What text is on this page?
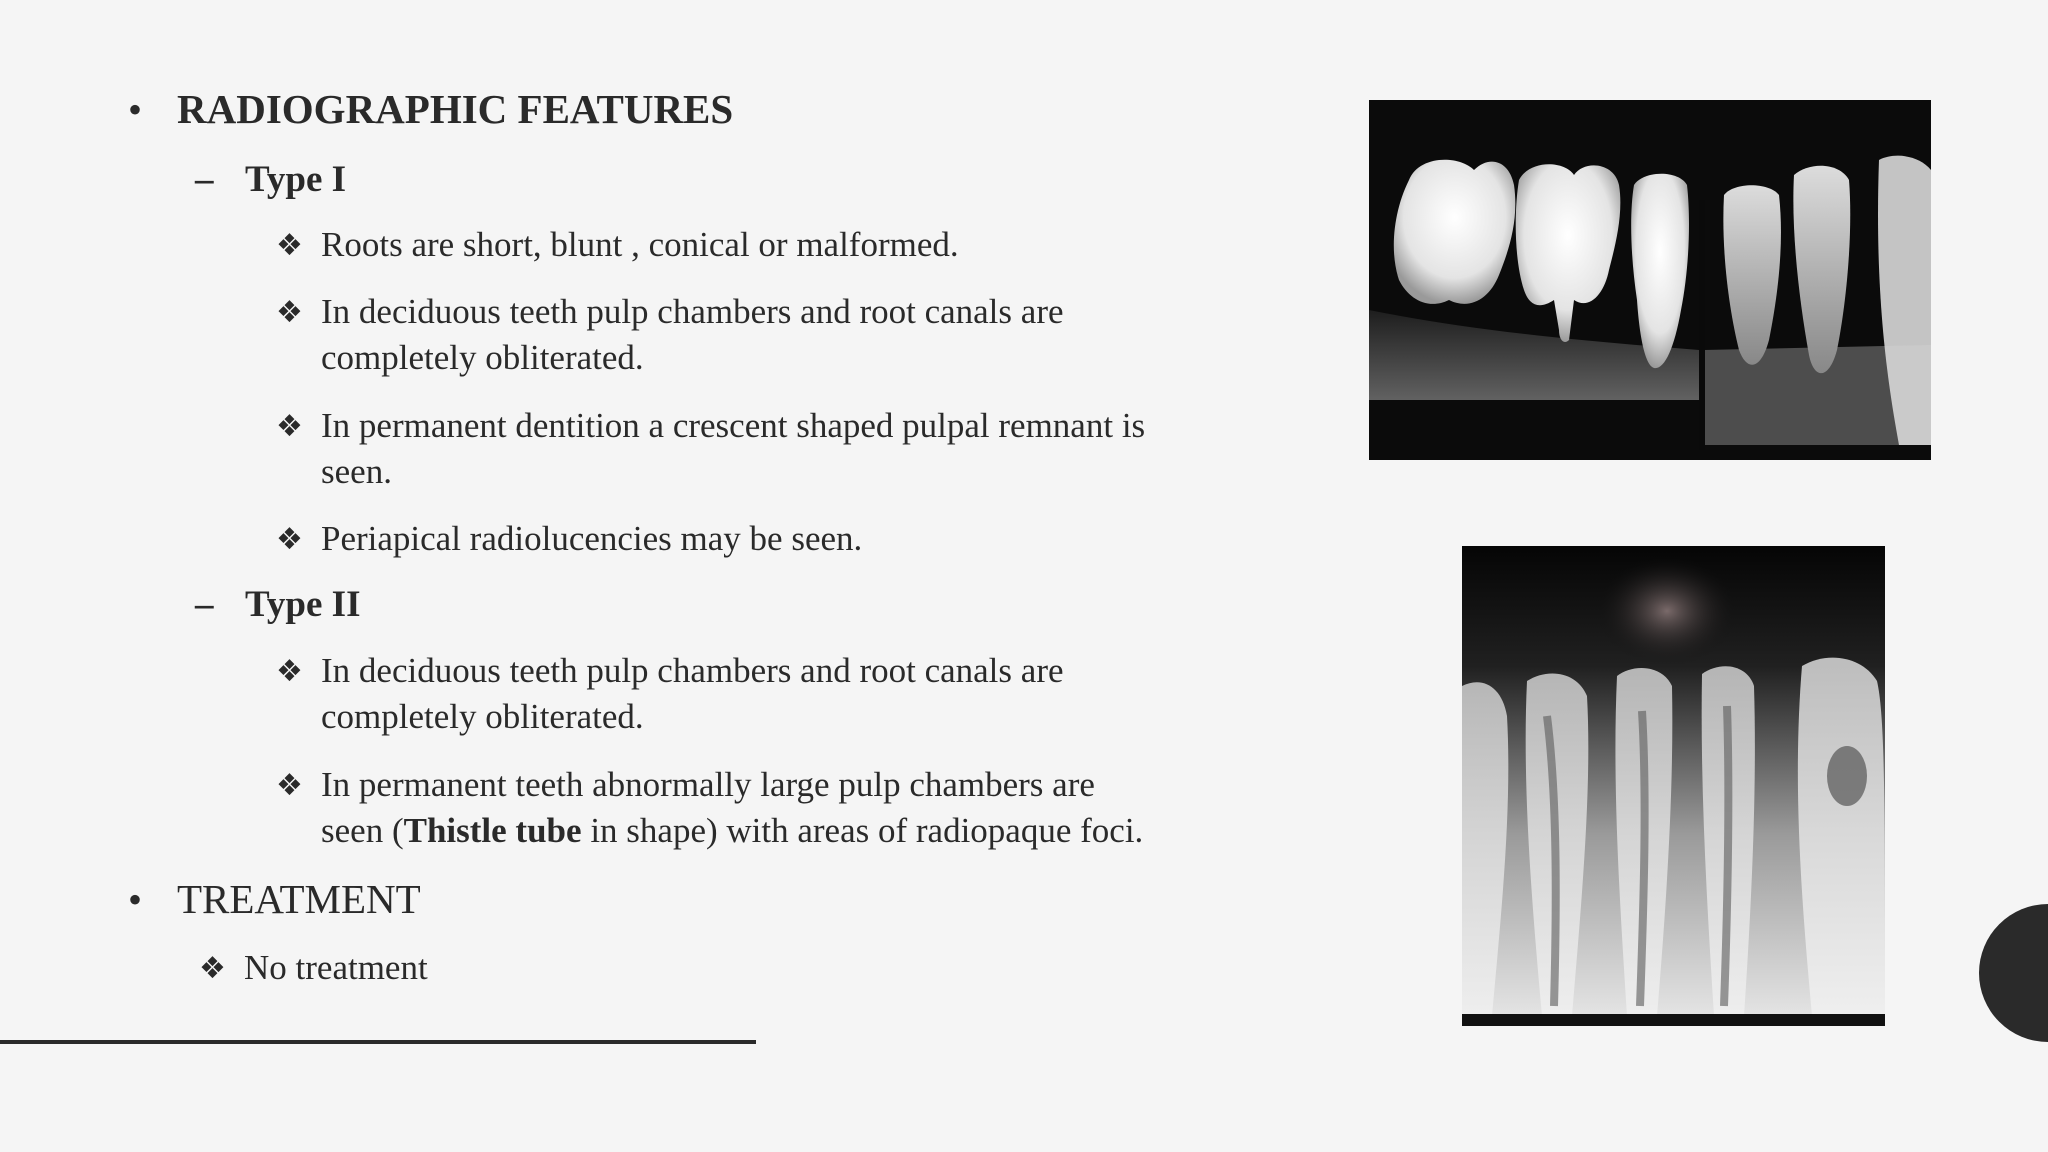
• RADIOGRAPHIC FEATURES
– Type I
❖ Roots are short, blunt , conical or malformed.
❖ In deciduous teeth pulp chambers and root canals are
completely obliterated.
❖ In permanent dentition a crescent shaped pulpal remnant is
seen.
❖ Periapical radiolucencies may be seen.
– Type II
❖ In deciduous teeth pulp chambers and root canals are
completely obliterated.
❖ In permanent teeth abnormally large pulp chambers are
seen (Thistle tube in shape) with areas of radiopaque foci.
• TREATMENT
❖ No treatment
